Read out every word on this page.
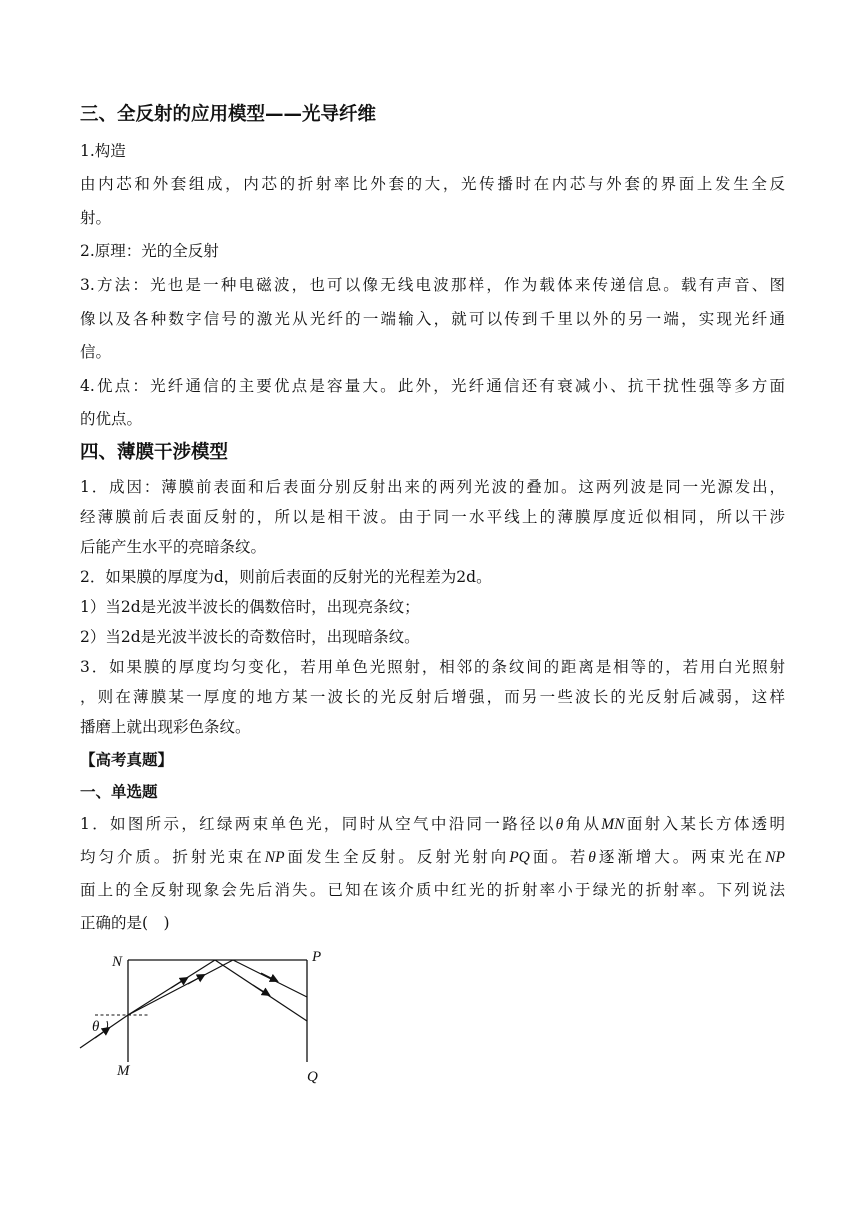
三、全反射的应用模型——光导纤维
1.构造
由内芯和外套组成，内芯的折射率比外套的大，光传播时在内芯与外套的界面上发生全反
射。
2.原理：光的全反射
3.方法：光也是一种电磁波，也可以像无线电波那样，作为载体来传递信息。载有声音、图
像以及各种数字信号的激光从光纤的一端输入，就可以传到千里以外的另一端，实现光纤通
信。
4.优点：光纤通信的主要优点是容量大。此外，光纤通信还有衰减小、抗干扰性强等多方面
的优点。
四、薄膜干涉模型
1．成因：薄膜前表面和后表面分别反射出来的两列光波的叠加。这两列波是同一光源发出，
经薄膜前后表面反射的，所以是相干波。由于同一水平线上的薄膜厚度近似相同，所以干涉
后能产生水平的亮暗条纹。
2．如果膜的厚度为d，则前后表面的反射光的光程差为2d。
1）当2d是光波半波长的偶数倍时，出现亮条纹；
2）当2d是光波半波长的奇数倍时，出现暗条纹。
3．如果膜的厚度均匀变化，若用单色光照射，相邻的条纹间的距离是相等的，若用白光照射
，则在薄膜某一厚度的地方某一波长的光反射后增强，而另一些波长的光反射后减弱，这样
播磨上就出现彩色条纹。
【高考真题】
一、单选题
1．如图所示，红绿两束单色光，同时从空气中沿同一路径以θ角从MN面射入某长方体透明
均匀介质。折射光束在NP面发生全反射。反射光射向PQ面。若θ逐渐增大。两束光在NP
面上的全反射现象会先后消失。已知在该介质中红光的折射率小于绿光的折射率。下列说法
正确的是(　)
N	P
M	Q
θ
